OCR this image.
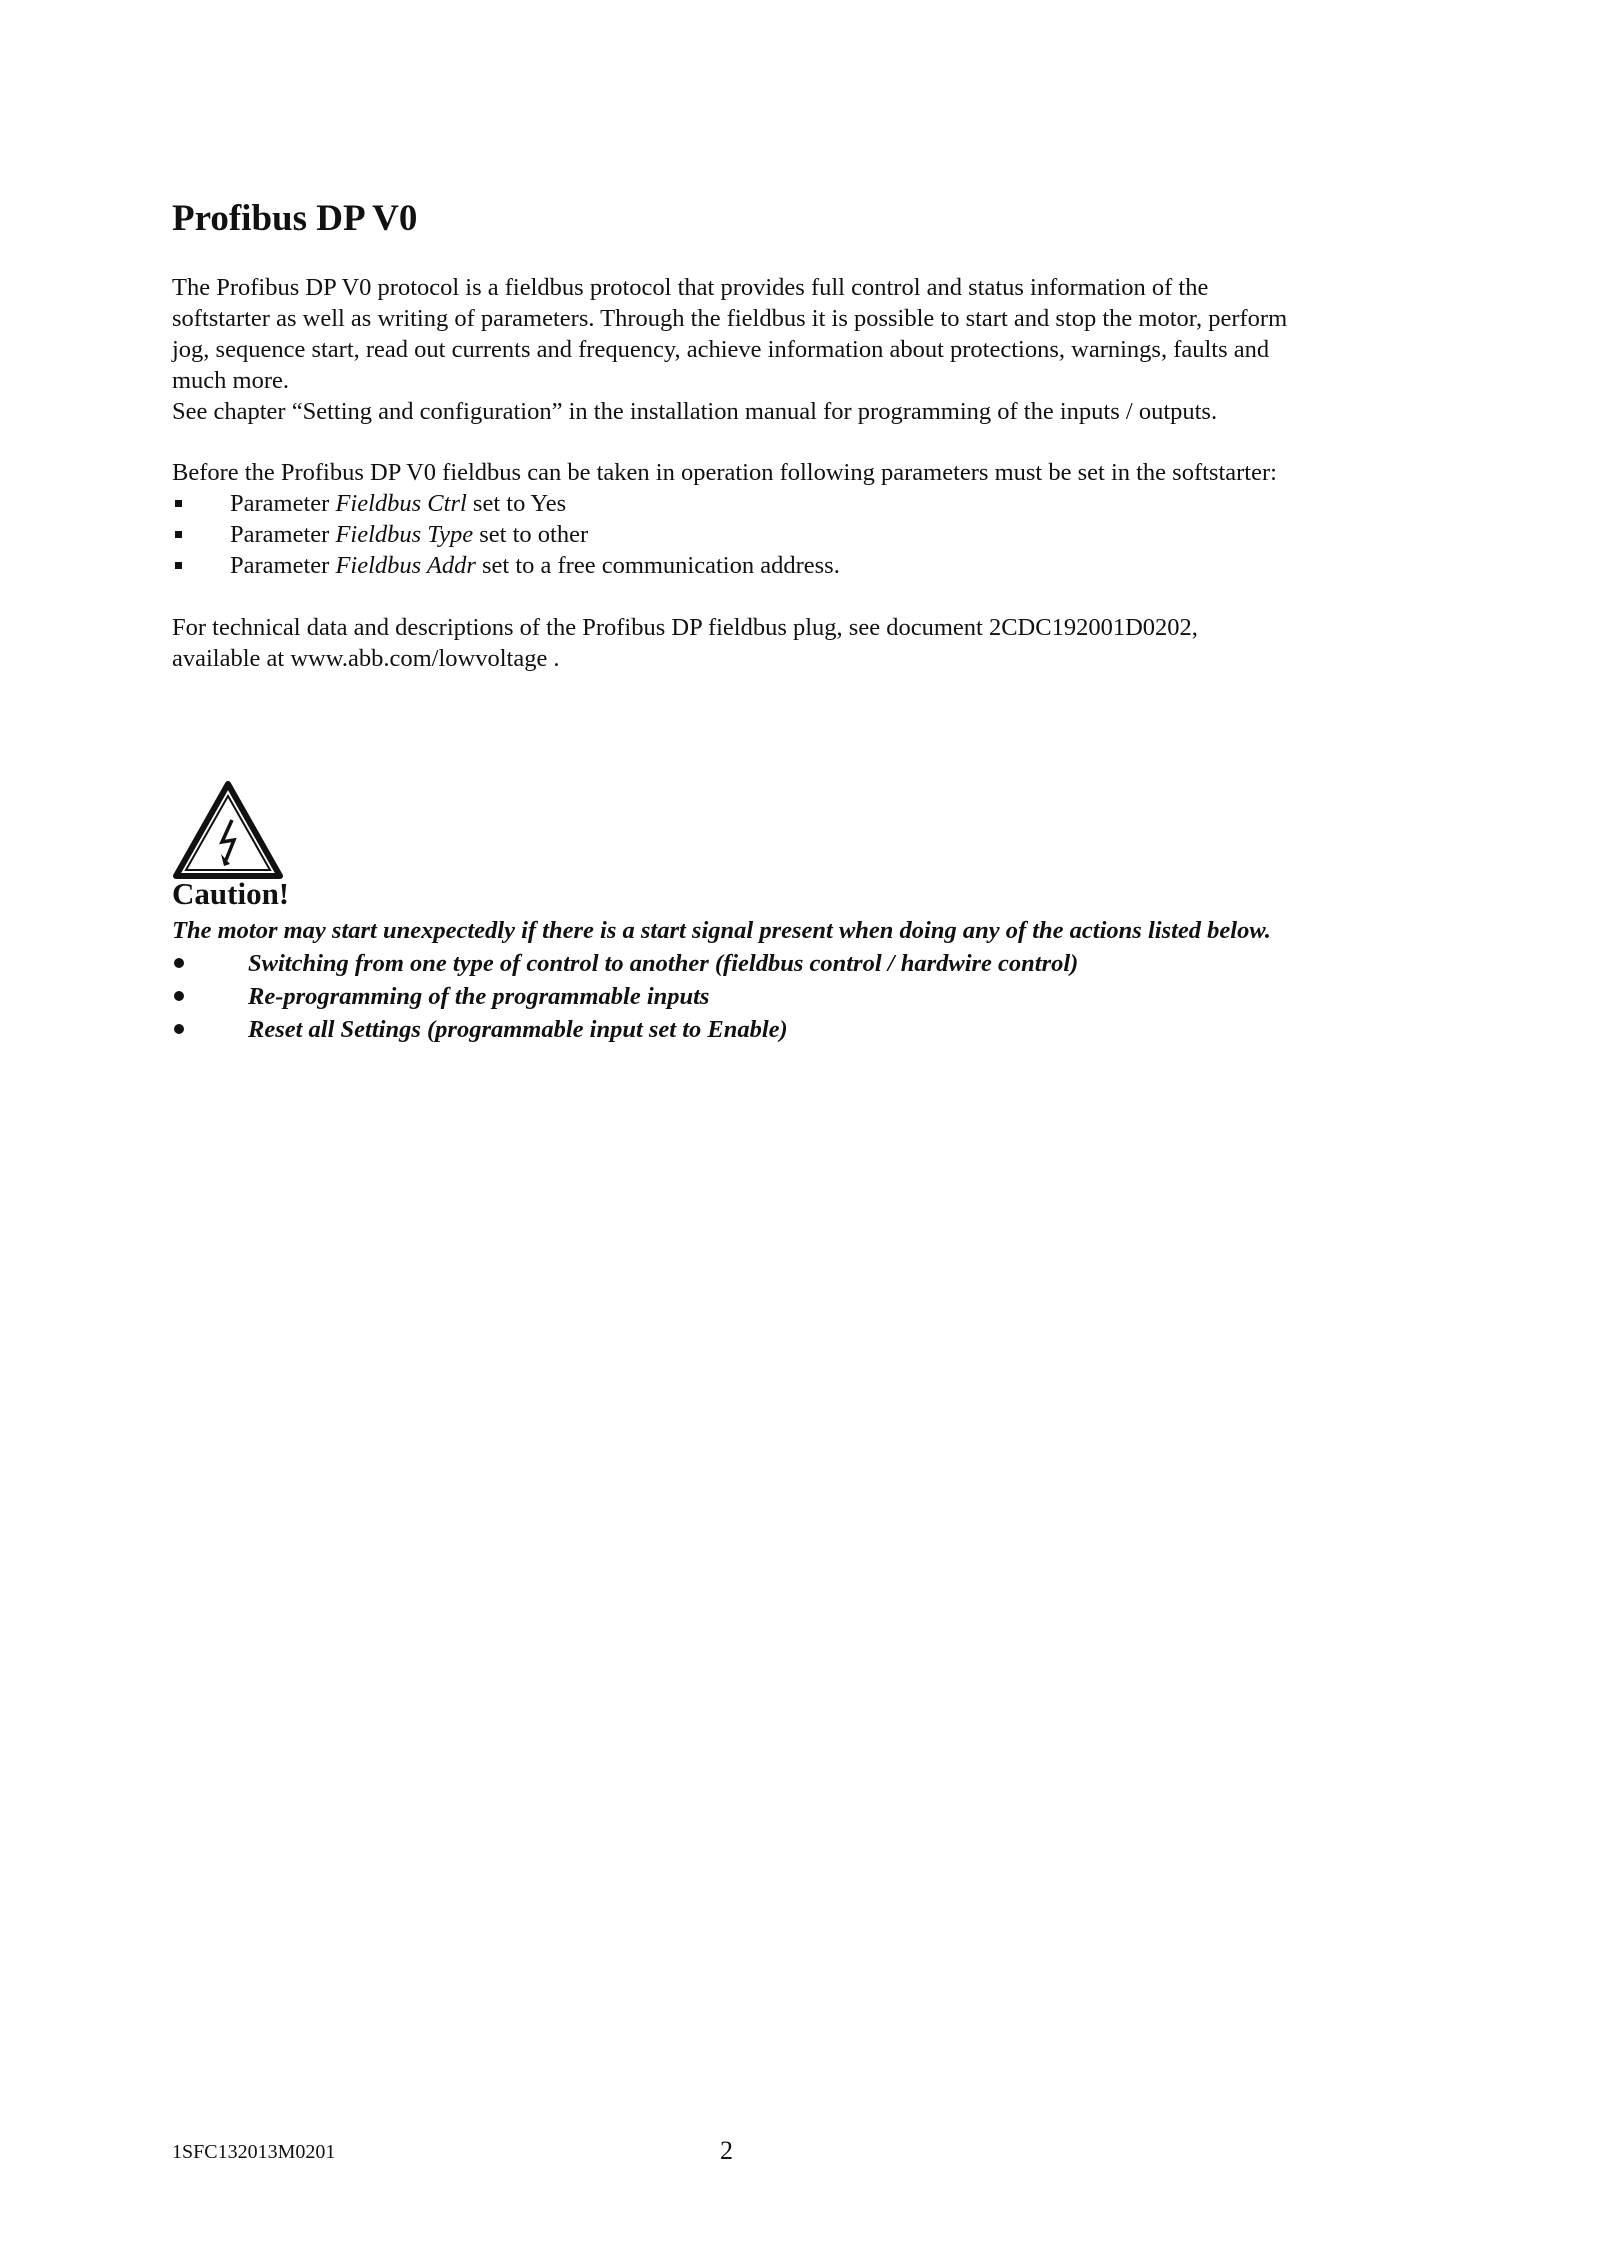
Profibus DP V0
The Profibus DP V0 protocol is a fieldbus protocol that provides full control and status information of the
softstarter as well as writing of parameters. Through the fieldbus it is possible to start and stop the motor, perform
jog, sequence start, read out currents and frequency, achieve information about protections, warnings, faults and
much more.
See chapter “Setting and configuration” in the installation manual for programming of the inputs / outputs.
Before the Profibus DP V0 fieldbus can be taken in operation following parameters must be set in the softstarter:
Parameter Fieldbus Ctrl set to Yes
Parameter Fieldbus Type set to other
Parameter Fieldbus Addr set to a free communication address.
For technical data and descriptions of the Profibus DP fieldbus plug, see document 2CDC192001D0202,
available at www.abb.com/lowvoltage .
Caution!
The motor may start unexpectedly if there is a start signal present when doing any of the actions listed below.
Switching from one type of control to another (fieldbus control / hardwire control)
Re-programming of the programmable inputs
Reset all Settings (programmable input set to Enable)
1SFC132013M0201	2
